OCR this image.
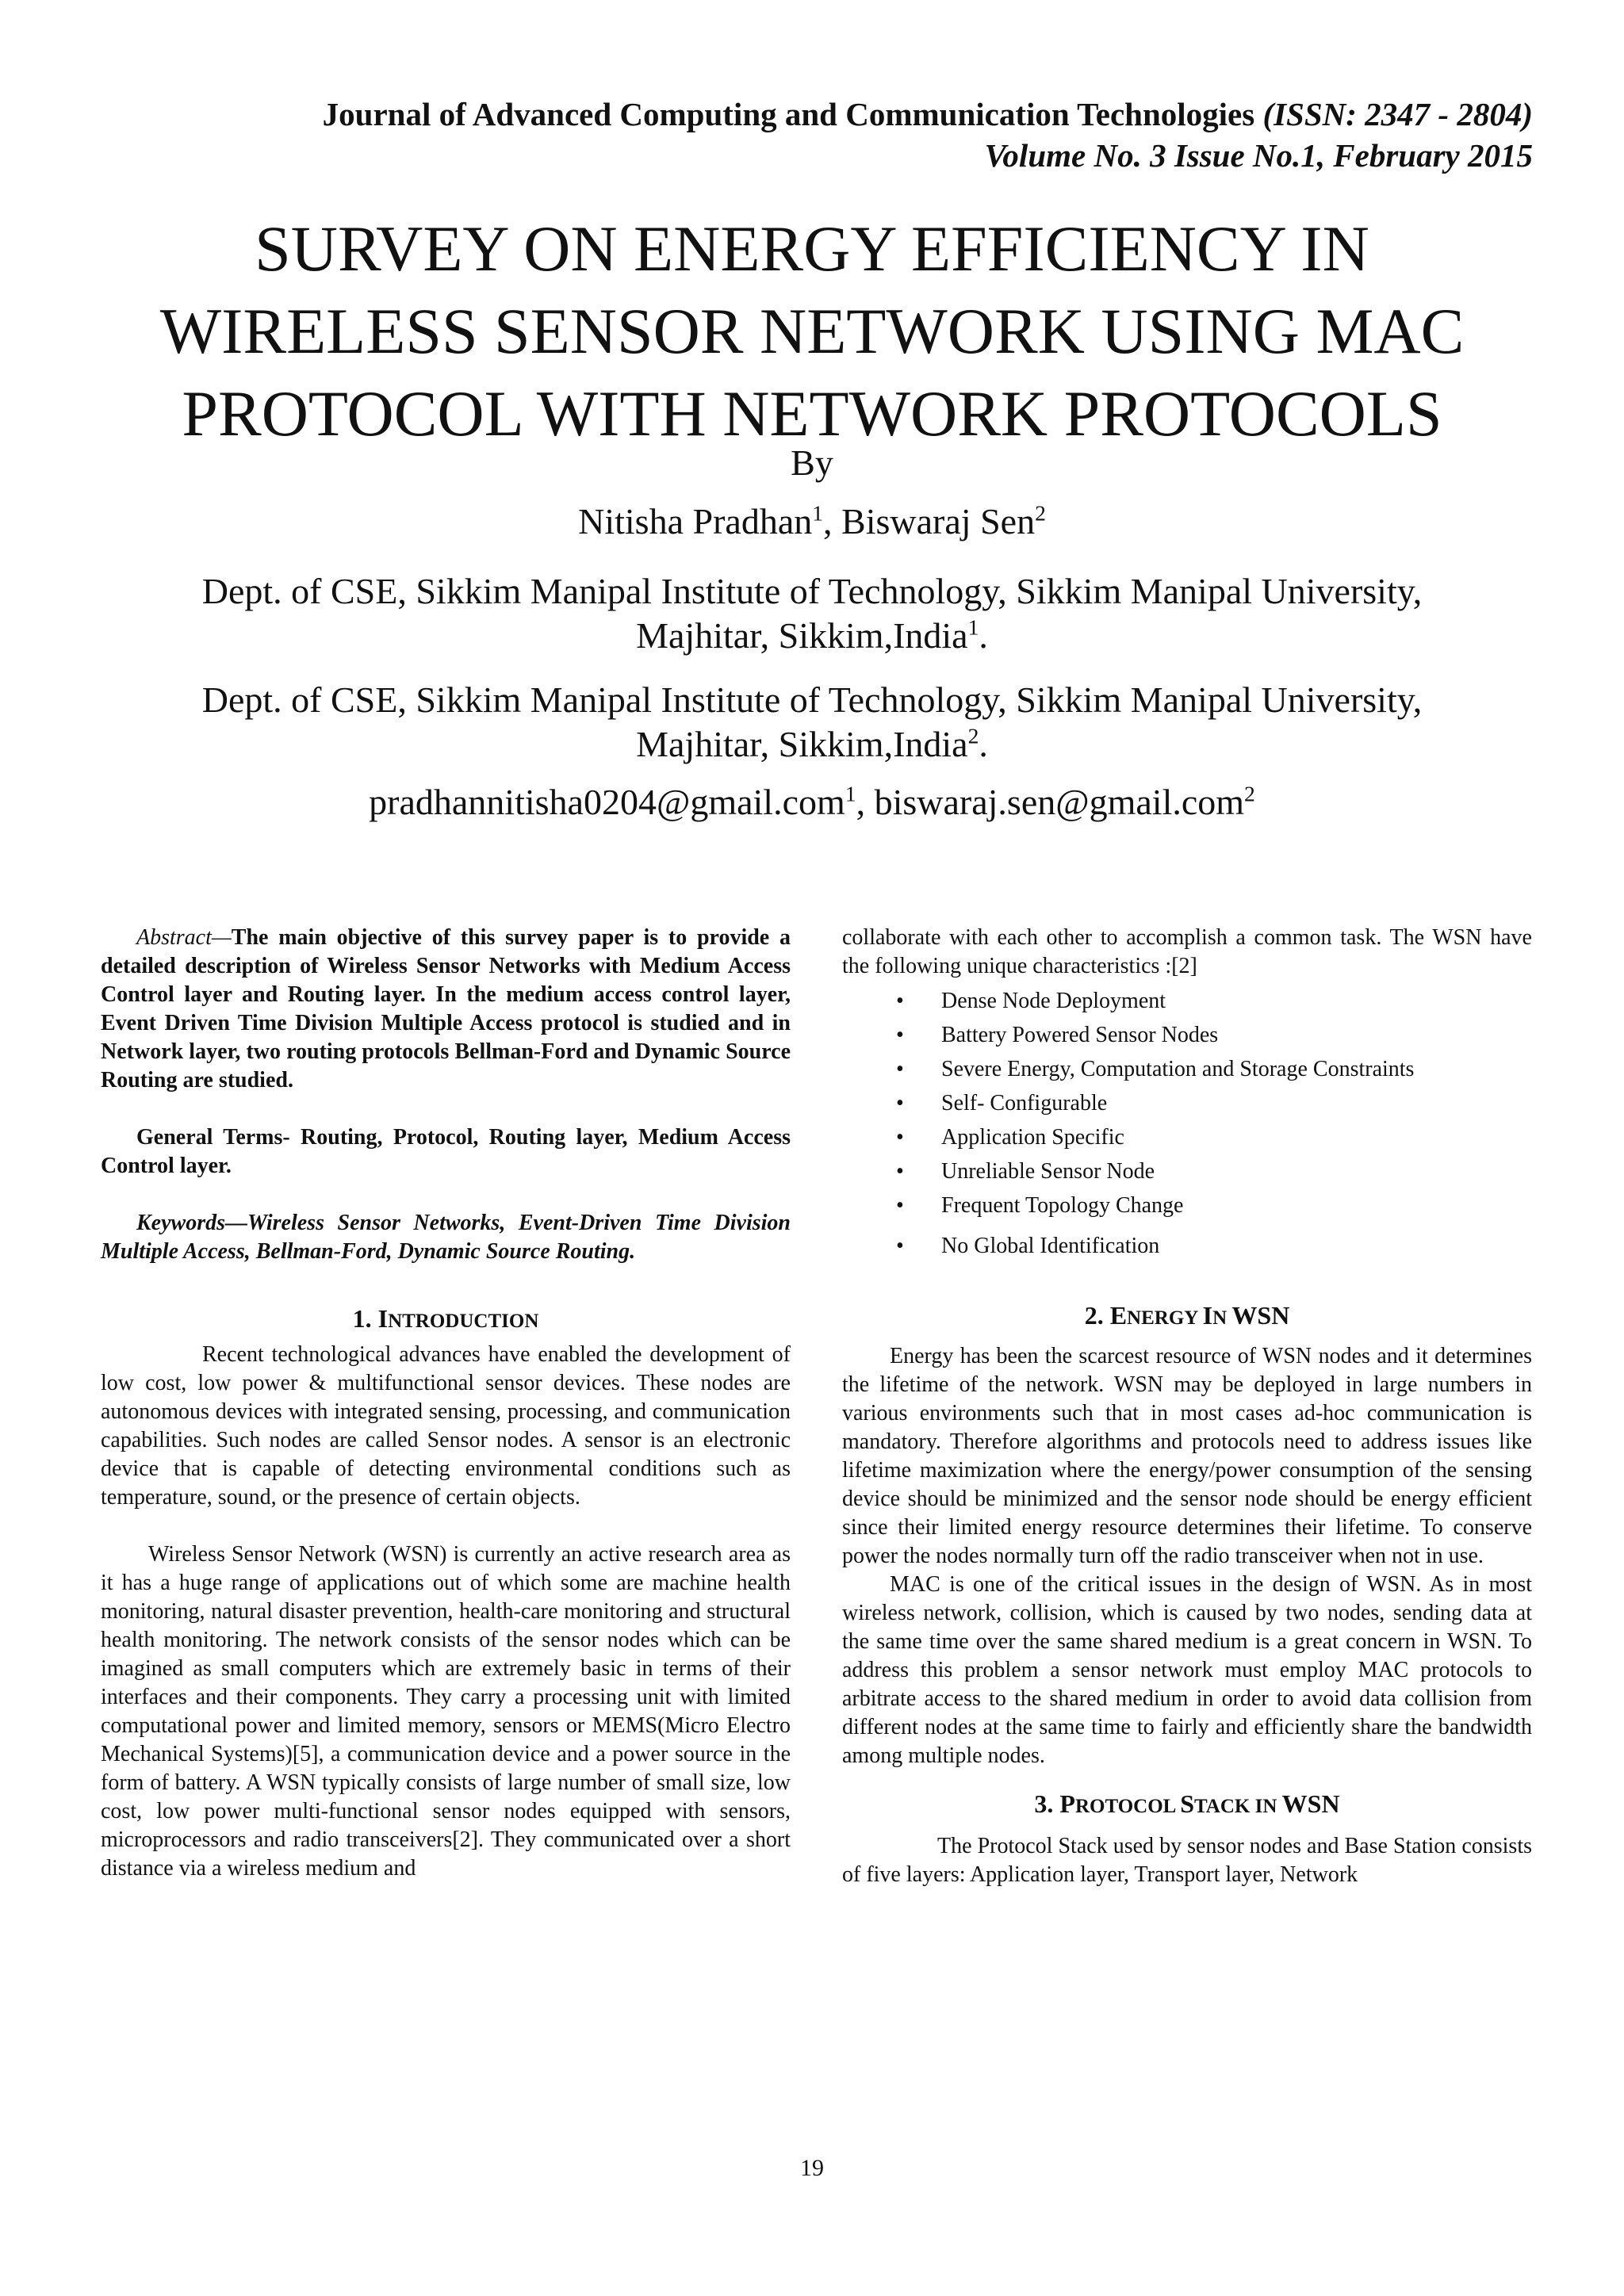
Journal of Advanced Computing and Communication Technologies (ISSN: 2347 - 2804)
Volume No. 3 Issue No.1, February 2015
SURVEY ON ENERGY EFFICIENCY IN
WIRELESS SENSOR NETWORK USING MAC
PROTOCOL WITH NETWORK PROTOCOLS
By
Nitisha Pradhan$^1$, Biswaraj Sen$^2$
Dept. of CSE, Sikkim Manipal Institute of Technology, Sikkim Manipal University,
Majhitar, Sikkim,India$^1$.
Dept. of CSE, Sikkim Manipal Institute of Technology, Sikkim Manipal University,
Majhitar, Sikkim,India$^2$.
pradhannitisha0204@gmail.com$^1$, biswaraj.sen@gmail.com$^2$

Abstract—The main objective of this survey paper is to provide a detailed description of Wireless Sensor Networks with Medium Access Control layer and Routing layer. In the medium access control layer, Event Driven Time Division Multiple Access protocol is studied and in Network layer, two routing protocols Bellman-Ford and Dynamic Source Routing are studied.

General Terms- Routing, Protocol, Routing layer, Medium Access Control layer.

Keywords—Wireless Sensor Networks, Event-Driven Time Division Multiple Access, Bellman-Ford, Dynamic Source Routing.

1. INTRODUCTION

Recent technological advances have enabled the development of low cost, low power & multifunctional sensor devices. These nodes are autonomous devices with integrated sensing, processing, and communication capabilities. Such nodes are called Sensor nodes. A sensor is an electronic device that is capable of detecting environmental conditions such as temperature, sound, or the presence of certain objects.

Wireless Sensor Network (WSN) is currently an active research area as it has a huge range of applications out of which some are machine health monitoring, natural disaster prevention, health-care monitoring and structural health monitoring. The network consists of the sensor nodes which can be imagined as small computers which are extremely basic in terms of their interfaces and their components. They carry a processing unit with limited computational power and limited memory, sensors or MEMS(Micro Electro Mechanical Systems)[5], a communication device and a power source in the form of battery. A WSN typically consists of large number of small size, low cost, low power multi-functional sensor nodes equipped with sensors, microprocessors and radio transceivers[2]. They communicated over a short distance via a wireless medium and

collaborate with each other to accomplish a common task. The WSN have the following unique characteristics :[2]

• Dense Node Deployment
• Battery Powered Sensor Nodes
• Severe Energy, Computation and Storage Constraints
• Self- Configurable
• Application Specific
• Unreliable Sensor Node
• Frequent Topology Change
• No Global Identification
2. ENERGY IN WSN

Energy has been the scarcest resource of WSN nodes and it determines the lifetime of the network. WSN may be deployed in large numbers in various environments such that in most cases ad-hoc communication is mandatory. Therefore algorithms and protocols need to address issues like lifetime maximization where the energy/power consumption of the sensing device should be minimized and the sensor node should be energy efficient since their limited energy resource determines their lifetime. To conserve power the nodes normally turn off the radio transceiver when not in use.

MAC is one of the critical issues in the design of WSN. As in most wireless network, collision, which is caused by two nodes, sending data at the same time over the same shared medium is a great concern in WSN. To address this problem a sensor network must employ MAC protocols to arbitrate access to the shared medium in order to avoid data collision from different nodes at the same time to fairly and efficiently share the bandwidth among multiple nodes.

3. PROTOCOL STACK IN WSN

The Protocol Stack used by sensor nodes and Base Station consists of five layers: Application layer, Transport layer, Network

19
